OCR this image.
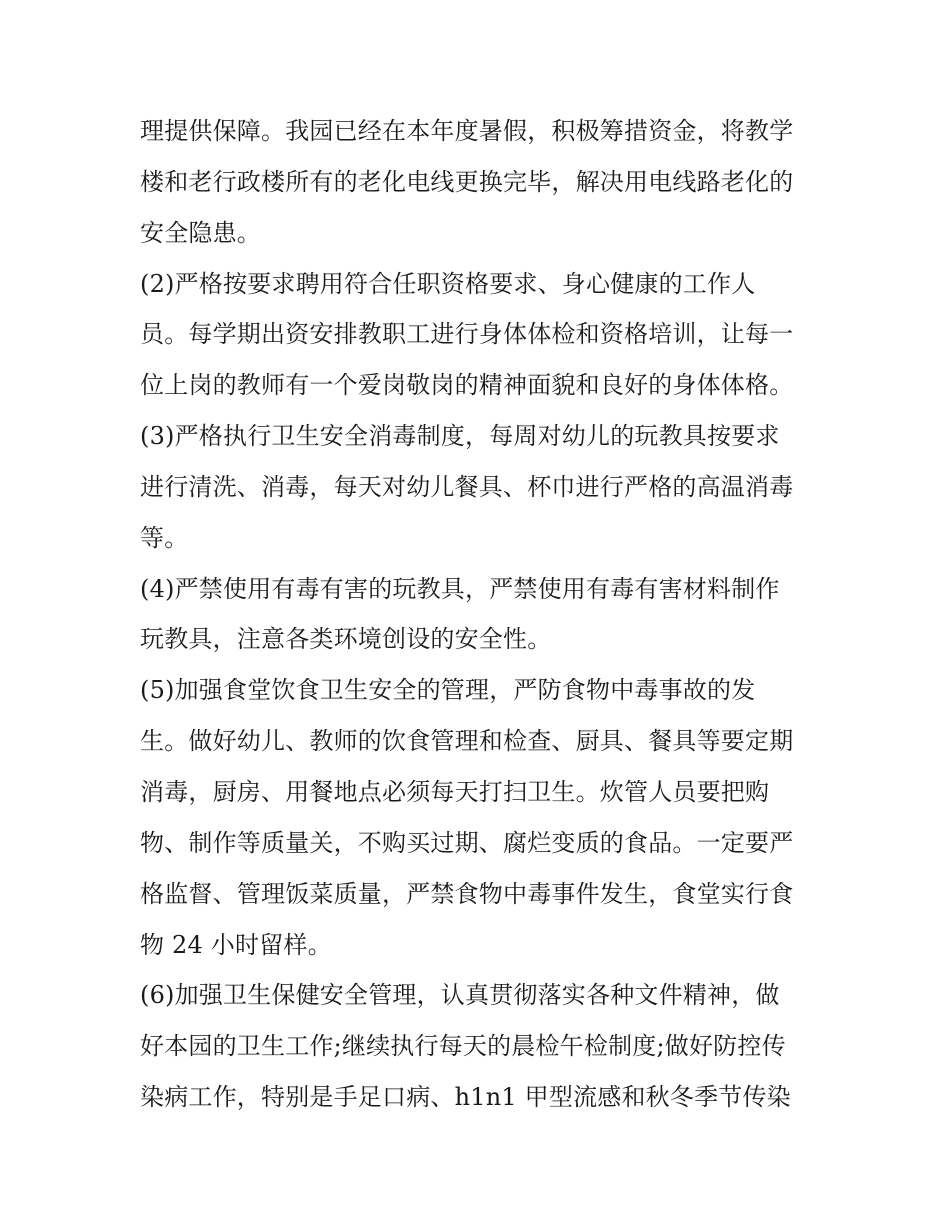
理提供保障。我园已经在本年度暑假，积极筹措资金，将教学
楼和老行政楼所有的老化电线更换完毕，解决用电线路老化的
安全隐患。
(2)严格按要求聘用符合任职资格要求、身心健康的工作人
员。每学期出资安排教职工进行身体体检和资格培训，让每一
位上岗的教师有一个爱岗敬岗的精神面貌和良好的身体体格。
(3)严格执行卫生安全消毒制度，每周对幼儿的玩教具按要求
进行清洗、消毒，每天对幼儿餐具、杯巾进行严格的高温消毒
等。
(4)严禁使用有毒有害的玩教具，严禁使用有毒有害材料制作
玩教具，注意各类环境创设的安全性。
(5)加强食堂饮食卫生安全的管理，严防食物中毒事故的发
生。做好幼儿、教师的饮食管理和检查、厨具、餐具等要定期
消毒，厨房、用餐地点必须每天打扫卫生。炊管人员要把购
物、制作等质量关，不购买过期、腐烂变质的食品。一定要严
格监督、管理饭菜质量，严禁食物中毒事件发生，食堂实行食
物 24 小时留样。
(6)加强卫生保健安全管理，认真贯彻落实各种文件精神，做
好本园的卫生工作;继续执行每天的晨检午检制度;做好防控传
染病工作，特别是手足口病、h1n1 甲型流感和秋冬季节传染
